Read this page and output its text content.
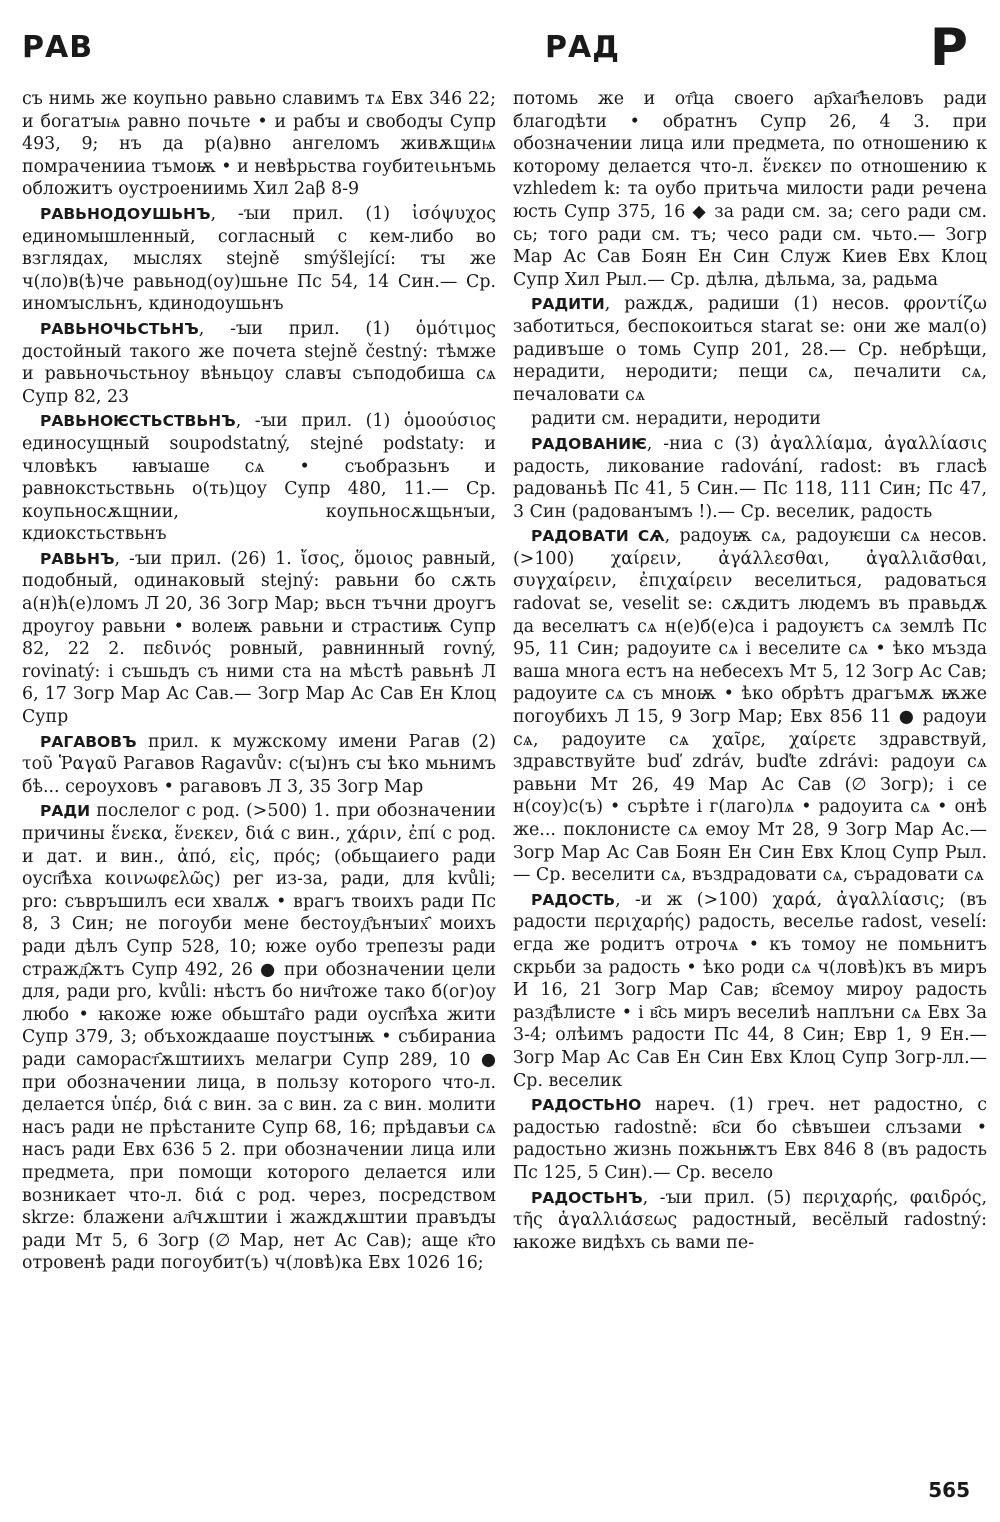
РАВ	РАД	Р

съ нимь же коупьно равьно славимъ тѧ Евх 346 22; и богатꙑѩ равно почьте • и рабꙑ и свободꙑ Супр 493, 9; нъ да р(а)вно ангеломъ живѫщиѩ помраченииа тъмоѭ • и невѣрьства гоубитеꙇьнъмь обложитъ оустроениимь Хил 2аβ 8-9

РАВЬНОДОУШЬНЪ, -ꙑи прил. (1) ἰσόψυχος единомышленный, согласный с кем-либо во взглядах, мыслях stejně smýšlející: тꙑ же ч(ло)в(ѣ)че равьнод(оу)шьне Пс 54, 14 Син.— Ср. иномꙑсльнъ, кдинодоушьнъ

РАВЬНОЧЬСТЬНЪ, -ꙑи прил. (1) ὁμότιμος достойный такого же почета stejně čestný: тѣмже и равьночьстьноу вѣньцоу славꙑ съподобиша сѧ Супр 82, 23

РАВЬНОѤСТЬСТВЬНЪ, -ꙑи прил. (1) ὁμοούσιος единосущный soupodstatný, stejné podstaty: и чловѣкъ ꙗвꙑаше сѧ • съобразьнъ и равнокстьствьнь о(ть)цоу Супр 480, 11.— Ср. коупьносѫщнии, коупьносѫщьнꙑи, кдиокстьствьнъ

РАВЬНЪ, -ꙑи прил. (26) 1. ἴσος, ὅμοιος равный, подобный, одинаковый stejný: равьни бо сѫть а(н)ћ(е)ломъ Л 20, 36 Зогр Мар; вьсн тъчни дроугъ дроугоу равьни • волеѭ равьни и страстиѭ Супр 82, 22 2. πεδινός ровный, равнинный rovný, rovinatý: і съшьдъ съ ними ста на мѣстѣ равьнѣ Л 6, 17 Зогр Мар Ас Сав.— Зогр Мар Ас Сав Ен Клоц Супр

РАГАВОВЪ прил. к мужскому имени Рагав (2) τοῦ Ῥαγαῦ Рагавов Ragavův: с(ꙑ)нъ сꙑ ѣко мьнимъ бѣ... сероуховъ • рагавовъ Л 3, 35 Зогр Мар

РАДИ послелог с род. (>500) 1. при обозначении причины ἕνεκα, ἕνεκεν, διά с вин., χάριν, ἐπί с род. и дат. и вин., ἀπό, εἰς, πρός; (обьщаиего ради оусп҄ѣха κοινωφελῶς) рег из-за, ради, для kvůli; pro: съвръшилъ еси хвалѫ • врагъ твоихъ ради Пс 8, 3 Син; не погоуби мене бестоуд҄ънꙑих҄ моихъ ради дѣлъ Супр 528, 10; юже оубо трепезꙑ ради стражд҄ѫтъ Супр 492, 26 ● при обозначении цели для, ради pro, kvůli: нѣстъ бо нич҄тоже тако б(ог)оу любо • ꙗкоже юже обьшта҄го ради оусп҄ѣха жити Супр 379, 3; объхождааше поустꙑнѭ • събираниа ради самораст҄ѫштиихъ мелагри Супр 289, 10 ● при обозначении лица, в пользу которого что-л. делается ὑπέρ, διά с вин. за с вин. za с вин. молити насъ ради не прѣстаните Супр 68, 16; прѣдавъи сѧ насъ ради Евх 636 5 2. при обозначении лица или предмета, при помощи которого делается или возникает что-л. διά с род. через, посредством skrze: блажени ал҄чѫштии і жаждѫштии правъдꙑ ради Мт 5, 6 Зогр (∅ Мар, нет Ас Сав); аще к҄то отровенѣ ради погоубит(ъ) ч(ловѣ)ка Евх 1026 16;

потомь же и от҄ца своего ар҄хаг҄ћеловъ ради благодѣти • обратнъ Супр 26, 4 3. при обозначении лица или предмета, по отношению к которому делается что-л. ἕνεκεν по отношению к vzhledem k: та оубо притьча милости ради речена юсть Супр 375, 16 ◆ за ради см. за; сего ради см. сь; того ради см. тъ; чесо ради см. чьто.— Зогр Мар Ас Сав Боян Ен Син Служ Киев Евх Клоц Супр Хил Рыл.— Ср. дѣлꙗ, дѣльма, за, радьма

РАДИТИ, раждѫ, радиши (1) несов. φροντίζω заботиться, беспокоиться starat se: они же мал(о) радивъше о томь Супр 201, 28.— Ср. небрѣщи, нерадити, неродити; пещи сѧ, печалити сѧ, печаловати сѧ

радити см. нерадити, неродити

РАДОВАНИѤ, -ниа с (3) ἀγαλλίαμα, ἀγαλλίασις радость, ликование radování, radost: въ гласѣ радованьѣ Пс 41, 5 Син.— Пс 118, 111 Син; Пс 47, 3 Син (радованꙑмъ !).— Ср. веселик, радость

РАДОВАТИ СѦ, радоуѭ сѧ, радоуѥши сѧ несов. (>100) χαίρειν, ἀγάλλεσθαι, ἀγαλλιᾶσθαι, συγχαίρειν, ἐπιχαίρειν веселиться, радоваться radovat se, veselit se: сѫдитъ людемъ въ правьдѫ да веселꙗтъ сѧ н(е)б(е)са і радоуѥтъ сѧ землѣ Пс 95, 11 Син; радоуите сѧ і веселите сѧ • ѣко мъзда ваша многа естъ на небесехъ Мт 5, 12 Зогр Ас Сав; радоуите сѧ съ мноѭ • ѣко обрѣтъ драгъмѫ ѭже погоубихъ Л 15, 9 Зогр Мар; Евх 856 11 ● радоуи сѧ, радоуите сѧ χαῖρε, χαίρετε здравствуй, здравствуйте buď zdráv, buďte zdrávi: радоуи сѧ равьни Мт 26, 49 Мар Ас Сав (∅ Зогр); і се н(соу)с(ъ) • сърѣте і г(лаго)лѧ • радоуита сѧ • онѣ же... поклонисте сѧ емоу Мт 28, 9 Зогр Мар Ас.— Зогр Мар Ас Сав Боян Ен Син Евх Клоц Супр Рыл.— Ср. веселити сѧ, въздрадовати сѧ, сърадовати сѧ

РАДОСТЬ, -и ж (>100) χαρά, ἀγαλλίασις; (въ радости περιχαρής) радость, веселье radost, veselí: егда же родитъ отрочѧ • къ томоу не помьнитъ скрьби за радость • ѣко роди сѧ ч(ловѣ)къ въ миръ И 16, 21 Зогр Мар Сав; в҄семоу мироу радость разд҄ѣлисте • і в҄сь миръ веселиѣ наплъни сѧ Евх За 3-4; олѣимъ радости Пс 44, 8 Син; Евр 1, 9 Ен.— Зогр Мар Ас Сав Ен Син Евх Клоц Супр Зогр-лл.— Ср. веселик

РАДОСТЬНО нареч. (1) греч. нет радостно, с радостью radostně: в҄си бо сѣвъшеи слъзами • радостьно жизнь пожьнѭтъ Евх 846 8 (въ радость Пс 125, 5 Син).— Ср. весело

РАДОСТЬНЪ, -ꙑи прил. (5) περιχαρής, φαιδρός, τῆς ἀγαλλιάσεως радостный, весёлый radostný: ꙗкоже видѣхъ сь вами пе-

565
